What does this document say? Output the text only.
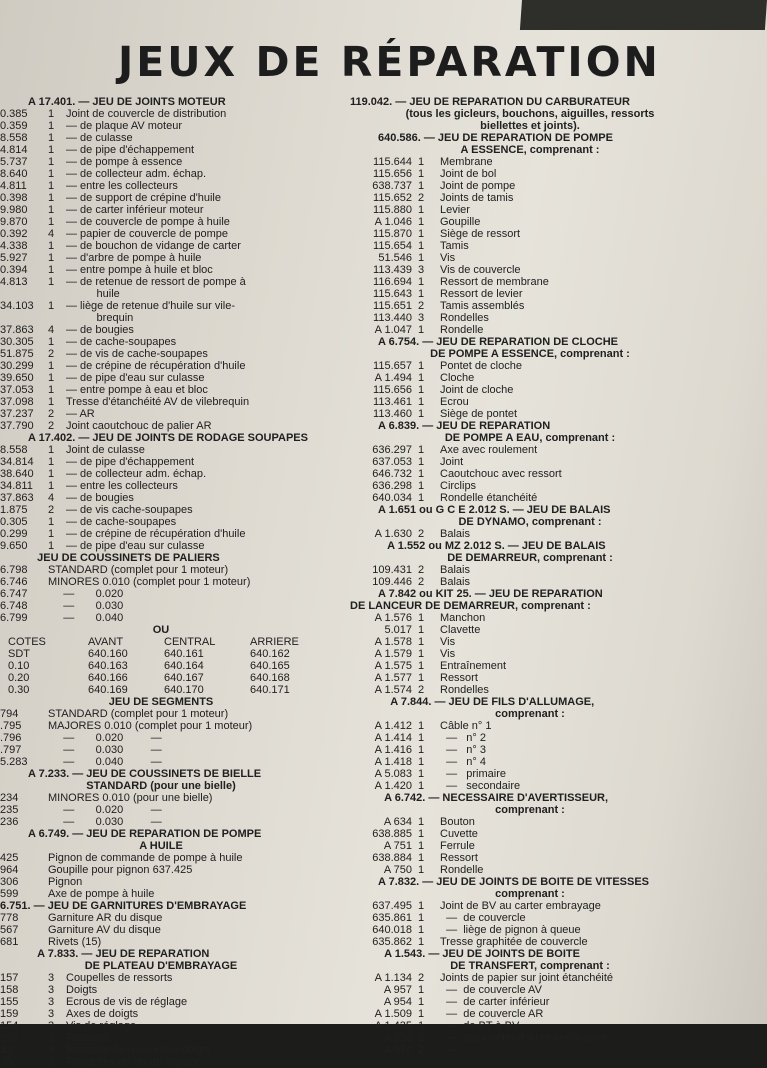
JEUX DE RÉPARATION
A 17.401. — JEU DE JOINTS MOTEUR
0.385 1 Joint de couvercle de distribution
0.359 1 — de plaque AV moteur
8.558 1 — de culasse
4.814 1 — de pipe d'échappement
5.737 1 — de pompe à essence
8.640 1 — de collecteur adm. échap.
4.811 1 — entre les collecteurs
0.398 1 — de support de crépine d'huile
9.980 1 — de carter inférieur moteur
9.870 1 — de couvercle de pompe à huile
0.392 4 — papier de couvercle de pompe
4.338 1 — de bouchon de vidange de carter
5.927 1 — d'arbre de pompe à huile
0.394 1 — entre pompe à huile et bloc
4.813 1 — de retenue de ressort de pompe à
huile
34.103 1 — liège de retenue d'huile sur vile-
brequin
37.863 4 — de bougies
30.305 1 — de cache-soupapes
51.875 2 — de vis de cache-soupapes
30.299 1 — de crépine de récupération d'huile
39.650 1 — de pipe d'eau sur culasse
37.053 1 — entre pompe à eau et bloc
37.098 1 Tresse d'étanchéité AV de vilebrequin
37.237 2 — AR
37.790 2 Joint caoutchouc de palier AR
A 17.402. — JEU DE JOINTS DE RODAGE SOUPAPES
8.558 1 Joint de culasse
34.814 1 — de pipe d'échappement
38.640 1 — de collecteur adm. échap.
34.811 1 — entre les collecteurs
37.863 4 — de bougies
1.875 2 — de vis cache-soupapes
0.305 1 — de cache-soupapes
0.299 1 — de crépine de récupération d'huile
9.650 1 — de pipe d'eau sur culasse
JEU DE COUSSINETS DE PALIERS
6.798 STANDARD (complet pour 1 moteur)
6.746 MINORES 0.010 (complet pour 1 moteur)
6.747 —       0.020
6.748 —       0.030
6.799 —       0.040
OU
COTES	AVANT	CENTRAL	ARRIERE
SDT	640.160	640.161	640.162
0.10	640.163	640.164	640.165
0.20	640.166	640.167	640.168
0.30	640.169	640.170	640.171
JEU DE SEGMENTS
794	STANDARD (complet pour 1 moteur)
.795 MAJORES 0.010 (complet pour 1 moteur)
.796 —       0.020         —
.797 —       0.030         —
5.283 —       0.040         —
A 7.233. — JEU DE COUSSINETS DE BIELLE
STANDARD (pour une bielle)
234	MINORES 0.010 (pour une bielle)
235	—       0.020         —
236	—       0.030         —
A 6.749. — JEU DE REPARATION DE POMPE
A HUILE
425	Pignon de commande de pompe à huile
964	Goupille pour pignon 637.425
306	Pignon
599	Axe de pompe à huile
6.751. — JEU DE GARNITURES D'EMBRAYAGE
778	Garniture AR du disque
567	Garniture AV du disque
681	Rivets (15)
A 7.833. — JEU DE REPARATION
DE PLATEAU D'EMBRAYAGE
157	3 Coupelles de ressorts
158	3 Doigts
155	3 Ecrous de vis de réglage
159	3 Axes de doigts
154	3 Vis de réglage
693	3 Ressorts
33	3 Ressorts de renvoi des doigts
35	3 Rondelles de vis de réglage
119.042. — JEU DE REPARATION DU CARBURATEUR
(tous les gicleurs, bouchons, aiguilles, ressorts
biellettes et joints).
640.586. — JEU DE REPARATION DE POMPE
A ESSENCE, comprenant :
115.644 1	Membrane
115.656 1	Joint de bol
638.737 1	Joint de pompe
115.652 2	Joints de tamis
115.880 1	Levier
A 1.046 1	Goupille
115.870 1	Siège de ressort
115.654 1	Tamis
51.546 1	Vis
113.439 3	Vis de couvercle
116.694 1	Ressort de membrane
115.643 1	Ressort de levier
115.651 2	Tamis assemblés
113.440 3	Rondelles
A 1.047 1	Rondelle
A 6.754. — JEU DE REPARATION DE CLOCHE
DE POMPE A ESSENCE, comprenant :
115.657 1	Pontet de cloche
A 1.494 1	Cloche
115.656 1	Joint de cloche
113.461 1	Ecrou
113.460 1	Siège de pontet
A 6.839. — JEU DE REPARATION
DE POMPE A EAU, comprenant :
636.297 1	Axe avec roulement
637.053 1	Joint
646.732 1	Caoutchouc avec ressort
636.298 1	Circlips
640.034 1	Rondelle étanchéité
A 1.651 ou G C E 2.012 S. — JEU DE BALAIS
DE DYNAMO, comprenant :
A 1.630 2	Balais
A 1.552 ou MZ 2.012 S. — JEU DE BALAIS
DE DEMARREUR, comprenant :
109.431 2	Balais
109.446 2	Balais
A 7.842 ou KIT 25. — JEU DE REPARATION
DE LANCEUR DE DEMARREUR, comprenant :
A 1.576 1	Manchon
5.017 1	Clavette
A 1.578 1	Vis
A 1.579 1	Vis
A 1.575 1	Entraînement
A 1.577 1	Ressort
A 1.574 2	Rondelles
A 7.844. — JEU DE FILS D'ALLUMAGE,
comprenant :
A 1.412 1	Câble n° 1
A 1.414 1	—   n° 2
A 1.416 1	—   n° 3
A 1.418 1	—   n° 4
A 5.083 1	—   primaire
A 1.420 1	—   secondaire
A 6.742. — NECESSAIRE D'AVERTISSEUR,
comprenant :
A 634 1	Bouton
638.885 1	Cuvette
A 751 1	Ferrule
638.884 1	Ressort
A 750 1	Rondelle
A 7.832. — JEU DE JOINTS DE BOITE DE VITESSES
comprenant :
637.495 1	Joint de BV au carter embrayage
635.861 1	—  de couvercle
640.018 1	—  liège de pignon à queue
635.862 1	Tresse graphitée de couvercle
A 1.543. — JEU DE JOINTS DE BOITE
DE TRANSFERT, comprenant :
A 1.134 2	Joints de papier sur joint étanchéité
A 957 1	—  de couvercle AV
A 954 1	—  de carter inférieur
A 1.509 1	—  de couvercle AR
A 1.435 1	—  de BT à BV
A 958 2	—  étanchéité d'arbre secondaire
A 974 2	—
